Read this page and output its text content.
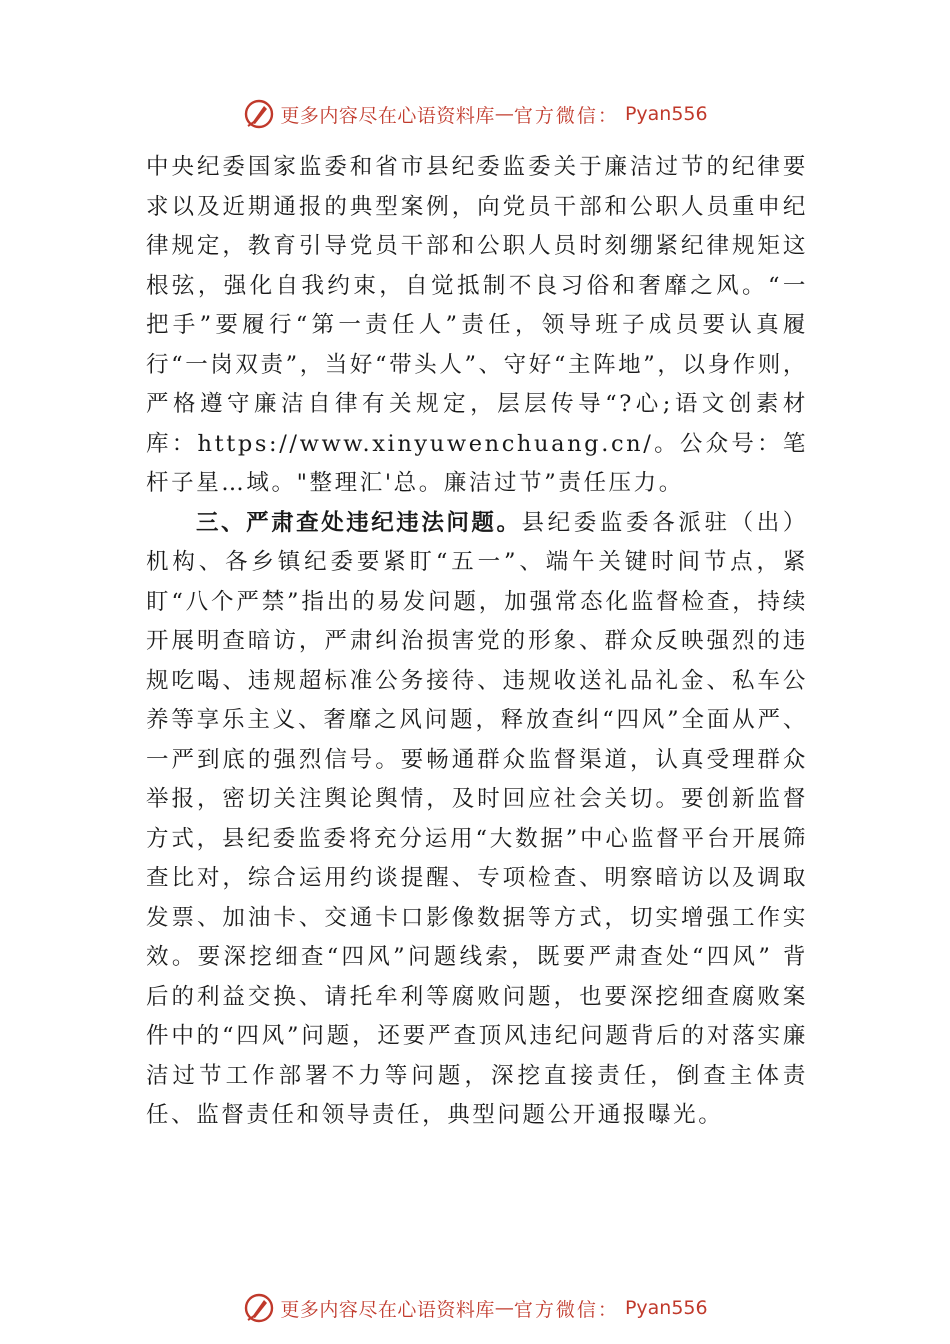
更多内容尽在心语资料库 — 官方微信： Pyan556

中央纪委国家监委和省市县纪委监委关于廉洁过节的纪律要求以及近期通报的典型案例，向党员干部和公职人员重申纪律规定，教育引导党员干部和公职人员时刻绷紧纪律规矩这根弦，强化自我约束，自觉抵制不良习俗和奢靡之风。“一把手”要履行“第一责任人”责任，领导班子成员要认真履行“一岗双责”，当好“带头人”、守好“主阵地”，以身作则， 严格遵守廉洁自律有关规定，层层传导“?心;语文创素材库：https://www.xinyuwenchuang.cn/。公众号：笔杆子星…域。"整理汇'总。廉洁过节”责任压力。

三、严肃查处违纪违法问题。县纪委监委各派驻（出）机构、各乡镇纪委要紧盯“五一”、端午关键时间节点，紧盯“八个严禁”指出的易发问题，加强常态化监督检查，持续开展明查暗访，严肃纠治损害党的形象、群众反映强烈的违规吃喝、违规超标准公务接待、违规收送礼品礼金、私车公 养等享乐主义、奢靡之风问题，释放查纠“四风”全面从严、一严到底的强烈信号。要畅通群众监督渠道，认真受理群众举报，密切关注舆论舆情，及时回应社会关切。要创新监督方式，县纪委监委将充分运用“大数据”中心监督平台开展筛查比对，综合运用约谈提醒、专项检查、明察暗访以及调取发票、加油卡、交通卡口影像数据等方式，切实增强工作实效。要深挖细查“四风”问题线索，既要严肃查处“四风” 背后的利益交换、请托牟利等腐败问题，也要深挖细查腐败案件中的“四风”问题，还要严查顶风违纪问题背后的对落实廉洁过节工作部署不力等问题，深挖直接责任，倒查主体责任、监督责任和领导责任，典型问题公开通报曝光。

更多内容尽在心语资料库 — 官方微信： Pyan556
